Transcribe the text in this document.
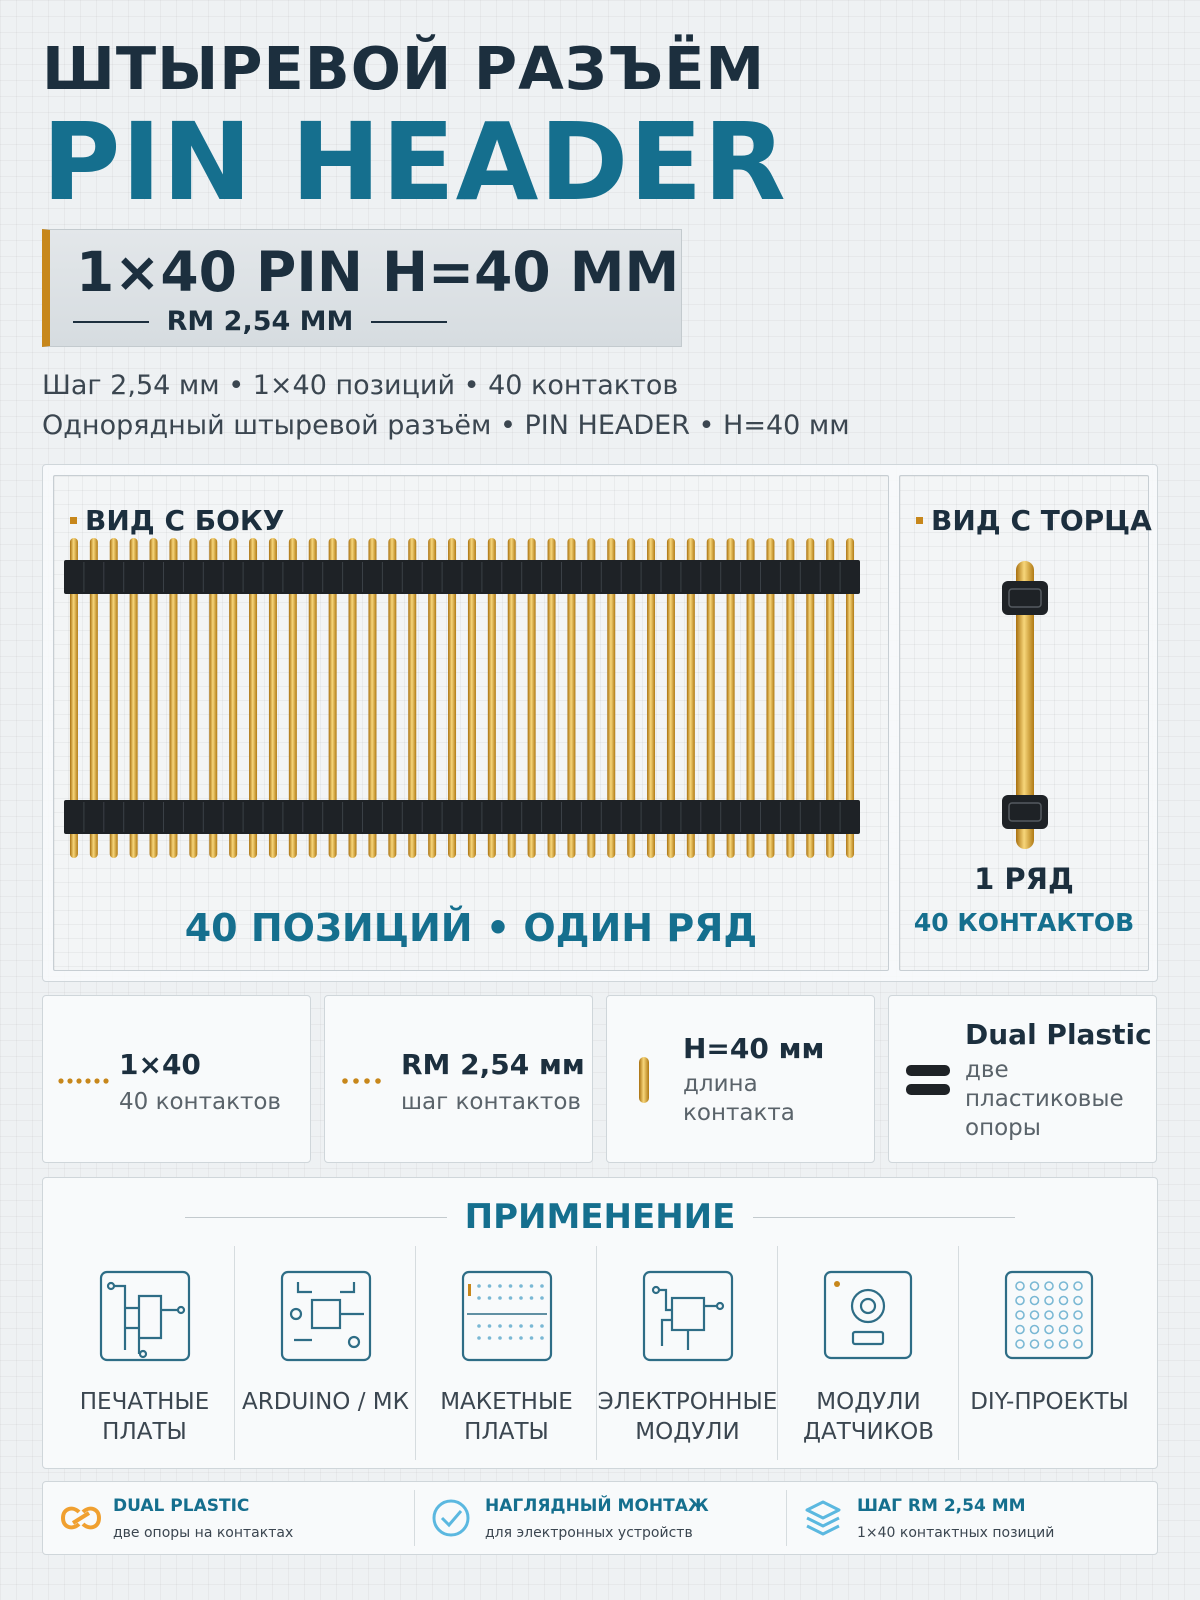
ШТЫРЕВОЙ РАЗЪЁМ
PIN HEADER
1×40 PIN H=40 MM
RM 2,54 MM
Шаг 2,54 мм • 1×40 позиций • 40 контактов
Однорядный штыревой разъём • PIN HEADER • H=40 мм
ВИД С БОКУ
40 ПОЗИЦИЙ • ОДИН РЯД
ВИД С ТОРЦА
1 РЯД
40 КОНТАКТОВ
1×40
40 контактов
RM 2,54 мм
шаг контактов
H=40 мм
длина контакта
Dual Plastic
две пластиковые опоры
ПРИМЕНЕНИЕ
ПЕЧАТНЫЕ ПЛАТЫ
ARDUINO / МК	МАКЕТНЫЕ ПЛАТЫ
ЭЛЕКТРОННЫЕ МОДУЛИ
МОДУЛИ ДАТЧИКОВ
DIY-ПРОЕКТЫ
DUAL PLASTIC
две опоры на контактах
НАГЛЯДНЫЙ МОНТАЖ
для электронных устройств
ШАГ RM 2,54 ММ
1×40 контактных позиций
